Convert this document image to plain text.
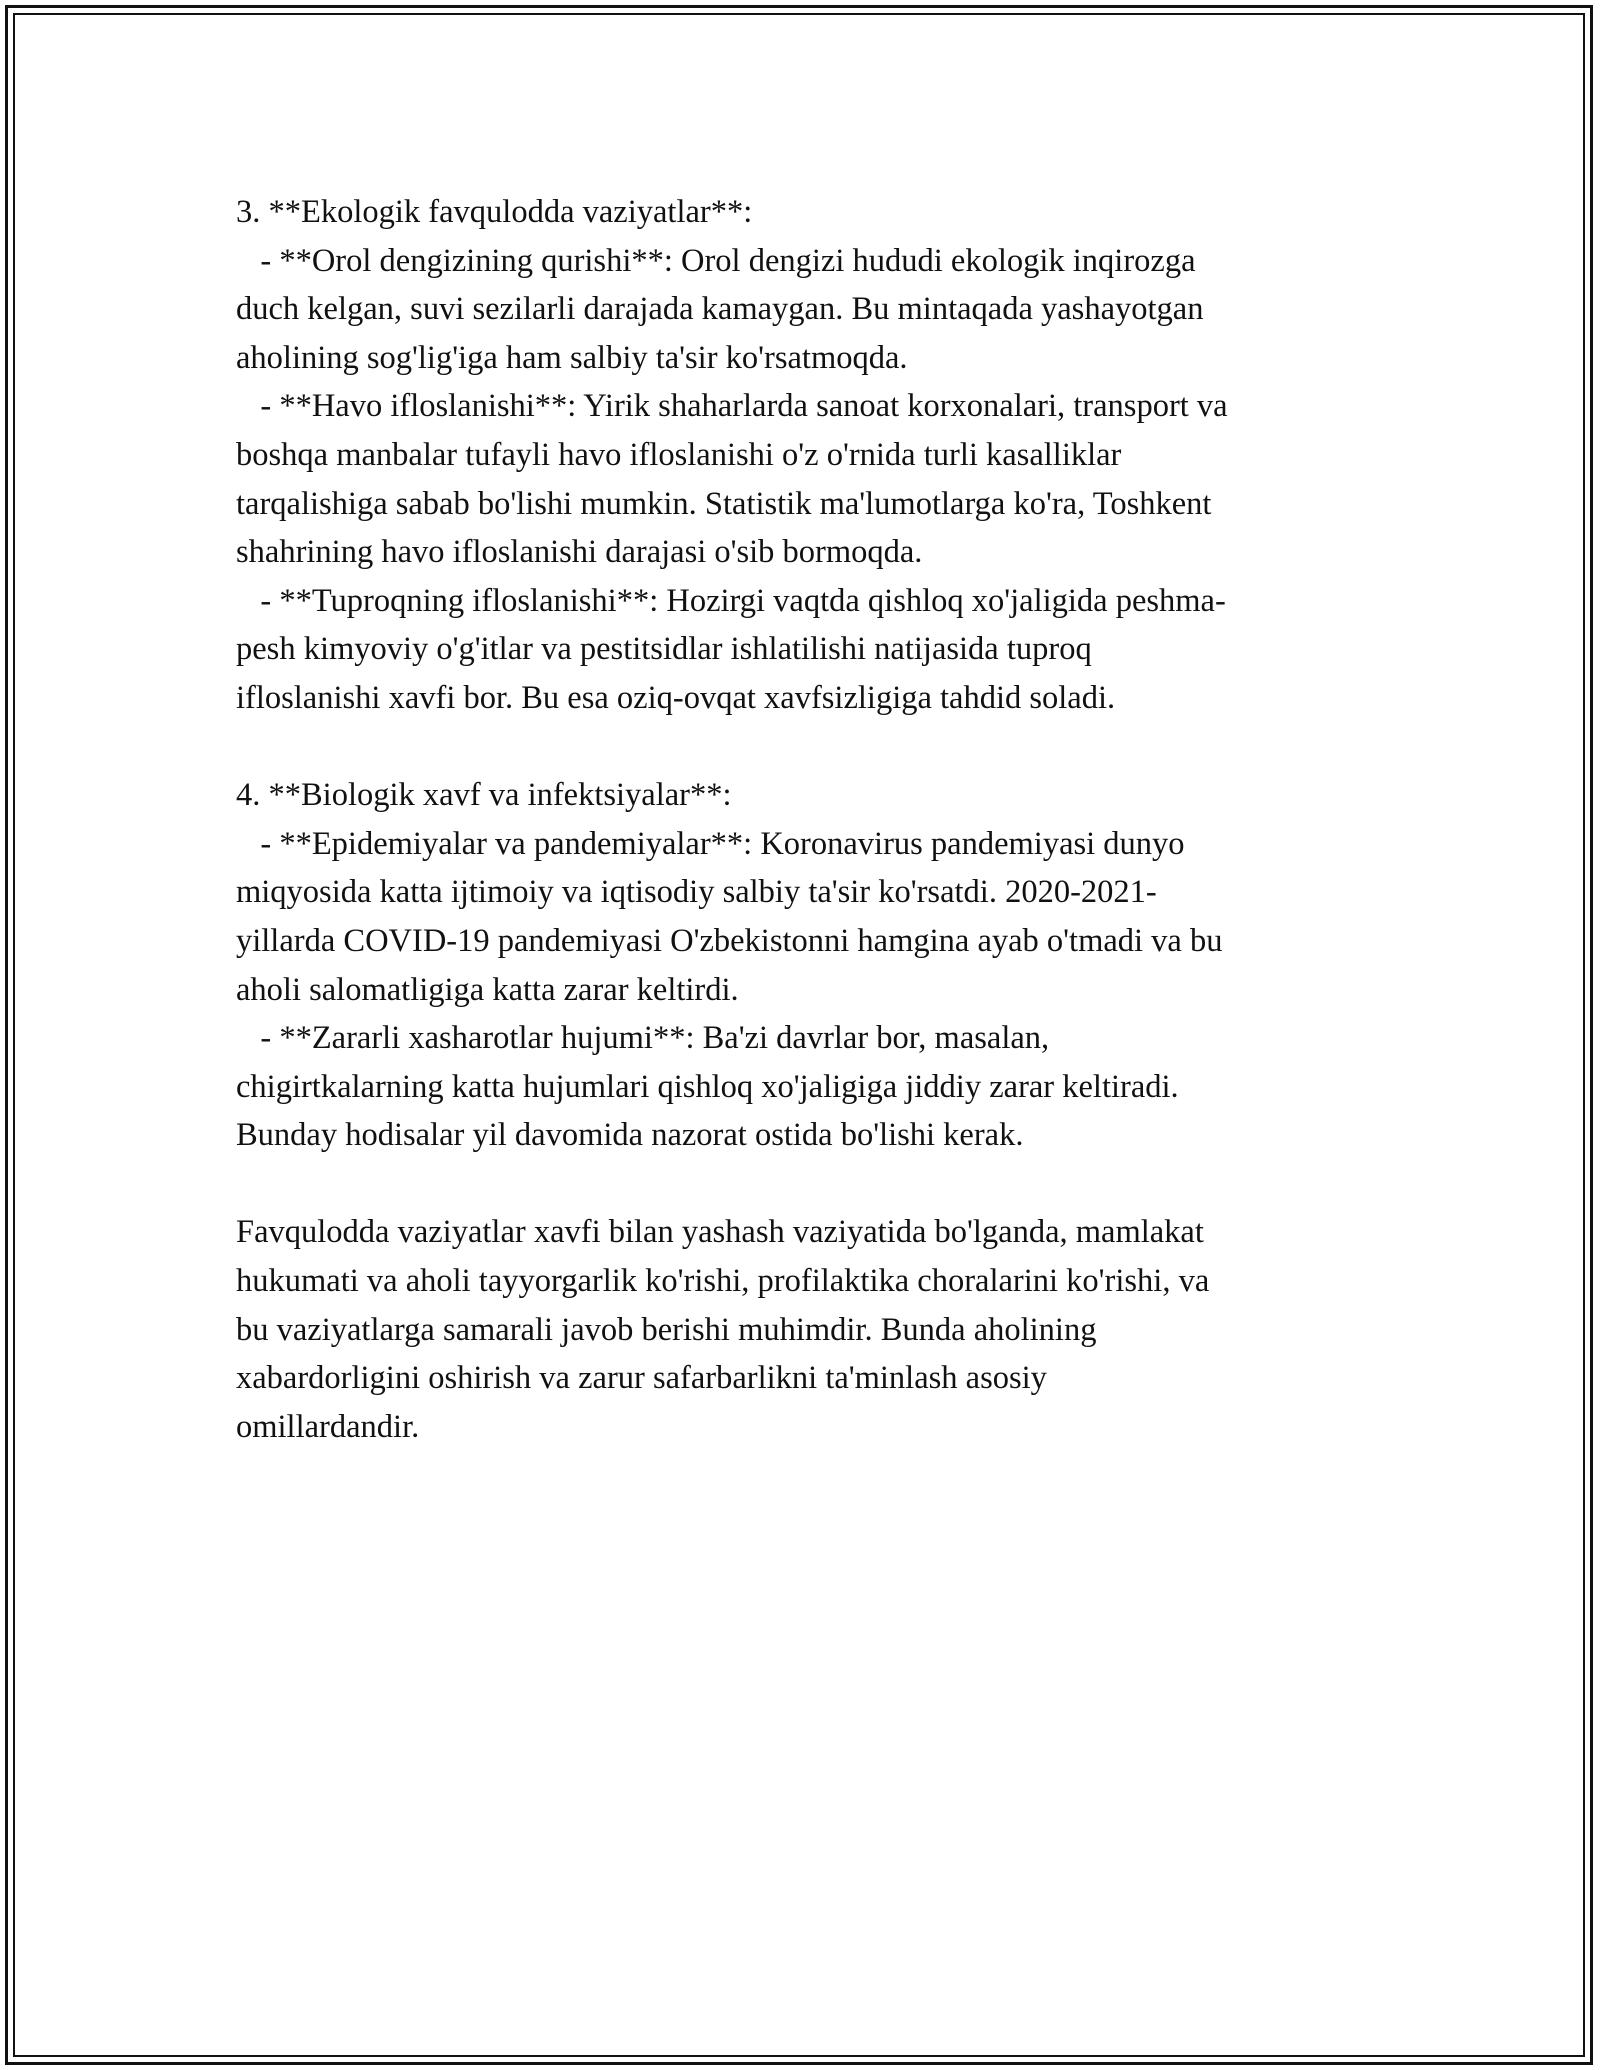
3. **Ekologik favqulodda vaziyatlar**:
- **Orol dengizining qurishi**: Orol dengizi hududi ekologik inqirozga
duch kelgan, suvi sezilarli darajada kamaygan. Bu mintaqada yashayotgan
aholining sog'lig'iga ham salbiy ta'sir ko'rsatmoqda.
- **Havo ifloslanishi**: Yirik shaharlarda sanoat korxonalari, transport va
boshqa manbalar tufayli havo ifloslanishi o'z o'rnida turli kasalliklar
tarqalishiga sabab bo'lishi mumkin. Statistik ma'lumotlarga ko'ra, Toshkent
shahrining havo ifloslanishi darajasi o'sib bormoqda.
- **Tuproqning ifloslanishi**: Hozirgi vaqtda qishloq xo'jaligida peshma-
pesh kimyoviy o'g'itlar va pestitsidlar ishlatilishi natijasida tuproq
ifloslanishi xavfi bor. Bu esa oziq-ovqat xavfsizligiga tahdid soladi.
4. **Biologik xavf va infektsiyalar**:
- **Epidemiyalar va pandemiyalar**: Koronavirus pandemiyasi dunyo
miqyosida katta ijtimoiy va iqtisodiy salbiy ta'sir ko'rsatdi. 2020-2021-
yillarda COVID-19 pandemiyasi O'zbekistonni hamgina ayab o'tmadi va bu
aholi salomatligiga katta zarar keltirdi.
- **Zararli xasharotlar hujumi**: Ba'zi davrlar bor, masalan,
chigirtkalarning katta hujumlari qishloq xo'jaligiga jiddiy zarar keltiradi.
Bunday hodisalar yil davomida nazorat ostida bo'lishi kerak.
Favqulodda vaziyatlar xavfi bilan yashash vaziyatida bo'lganda, mamlakat
hukumati va aholi tayyorgarlik ko'rishi, profilaktika choralarini ko'rishi, va
bu vaziyatlarga samarali javob berishi muhimdir. Bunda aholining
xabardorligini oshirish va zarur safarbarlikni ta'minlash asosiy
omillardandir.
